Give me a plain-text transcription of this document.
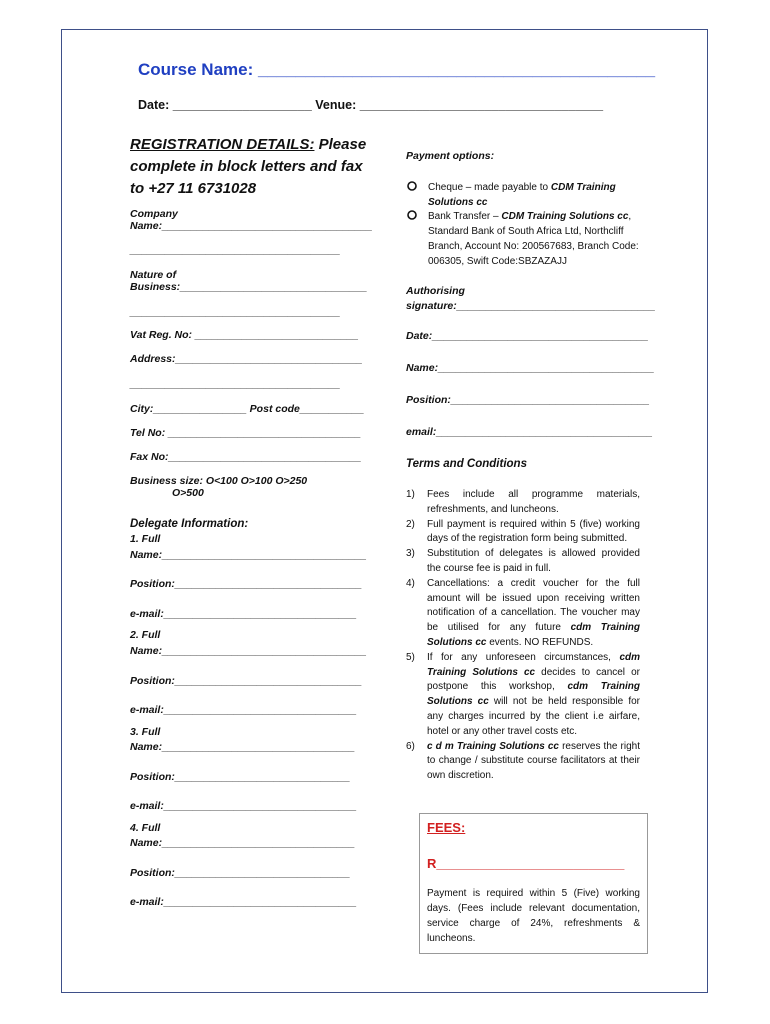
Course Name: __________________________________________
Date: ____________________ Venue: ___________________________________
REGISTRATION DETAILS: Please complete in block letters and fax to +27 11 6731028
Company
Name:____________________________________
____________________________________
Nature of
Business:________________________________
____________________________________
Vat Reg. No: ____________________________
Address:________________________________
____________________________________
City:________________ Post code___________
Tel No: _________________________________
Fax No:_________________________________
Business size: O<100 O>100 O>250
O>500
Delegate Information:
1. Full
Name:___________________________________
Position:________________________________
e-mail:_________________________________
2. Full
Name:___________________________________
Position:________________________________
e-mail:_________________________________
3. Full
Name:_________________________________
Position:______________________________
e-mail:_________________________________
4. Full
Name:_________________________________
Position:______________________________
e-mail:_________________________________
Payment options:
Cheque – made payable to CDM Training Solutions cc
Bank Transfer – CDM Training Solutions cc, Standard Bank of South Africa Ltd, Northcliff Branch, Account No: 200567683, Branch Code: 006305, Swift Code:SBZAZAJJ
Authorising
signature:__________________________________
Date:_____________________________________
Name:_____________________________________
Position:__________________________________
email:_____________________________________
Terms and Conditions
1) Fees include all programme materials, refreshments, and luncheons.
2) Full payment is required within 5 (five) working days of the registration form being submitted.
3) Substitution of delegates is allowed provided the course fee is paid in full.
4) Cancellations: a credit voucher for the full amount will be issued upon receiving written notification of a cancellation. The voucher may be utilised for any future cdm Training Solutions cc events. NO REFUNDS.
5) If for any unforeseen circumstances, cdm Training Solutions cc decides to cancel or postpone this workshop, cdm Training Solutions cc will not be held responsible for any charges incurred by the client i.e airfare, hotel or any other travel costs etc.
6) c d m Training Solutions cc reserves the right to change / substitute course facilitators at their own discretion.
FEES:
R__________________________
Payment is required within 5 (Five) working days. (Fees include relevant documentation, service charge of 24%, refreshments & luncheons.
